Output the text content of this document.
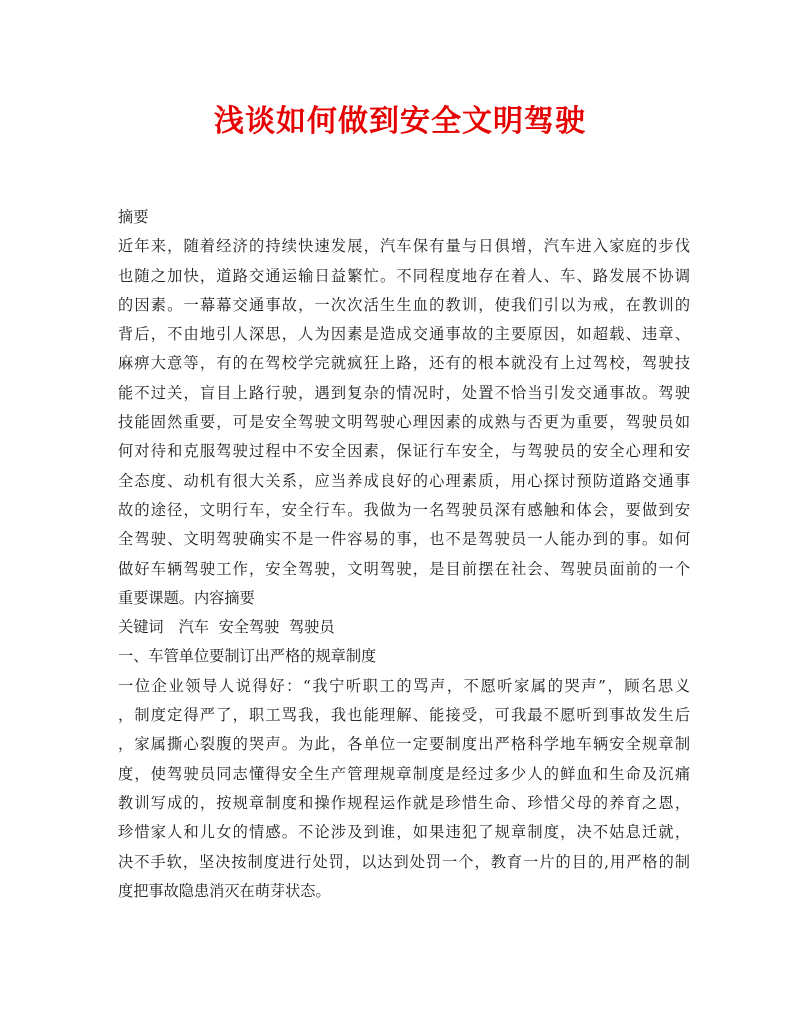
浅谈如何做到安全文明驾驶
摘要
近年来，随着经济的持续快速发展，汽车保有量与日俱增，汽车进入家庭的步伐
也随之加快，道路交通运输日益繁忙。不同程度地存在着人、车、路发展不协调
的因素。一幕幕交通事故，一次次活生生血的教训，使我们引以为戒，在教训的
背后，不由地引人深思，人为因素是造成交通事故的主要原因，如超载、违章、
麻痹大意等，有的在驾校学完就疯狂上路，还有的根本就没有上过驾校，驾驶技
能不过关，盲目上路行驶，遇到复杂的情况时，处置不恰当引发交通事故。驾驶
技能固然重要，可是安全驾驶文明驾驶心理因素的成熟与否更为重要，驾驶员如
何对待和克服驾驶过程中不安全因素，保证行车安全，与驾驶员的安全心理和安
全态度、动机有很大关系，应当养成良好的心理素质，用心探讨预防道路交通事
故的途径，文明行车，安全行车。我做为一名驾驶员深有感触和体会，要做到安
全驾驶、文明驾驶确实不是一件容易的事，也不是驾驶员一人能办到的事。如何
做好车辆驾驶工作，安全驾驶，文明驾驶，是目前摆在社会、驾驶员面前的一个
重要课题。内容摘要
关键词 汽车  安全驾驶  驾驶员
一、车管单位要制订出严格的规章制度
一位企业领导人说得好：“我宁听职工的骂声，不愿听家属的哭声”，顾名思义
，制度定得严了，职工骂我，我也能理解、能接受，可我最不愿听到事故发生后
，家属撕心裂腹的哭声。为此，各单位一定要制度出严格科学地车辆安全规章制
度，使驾驶员同志懂得安全生产管理规章制度是经过多少人的鲜血和生命及沉痛
教训写成的，按规章制度和操作规程运作就是珍惜生命、珍惜父母的养育之恩，
珍惜家人和儿女的情感。不论涉及到谁，如果违犯了规章制度，决不姑息迁就，
决不手软，坚决按制度进行处罚，以达到处罚一个，教育一片的目的,用严格的制
度把事故隐患消灭在萌芽状态。
